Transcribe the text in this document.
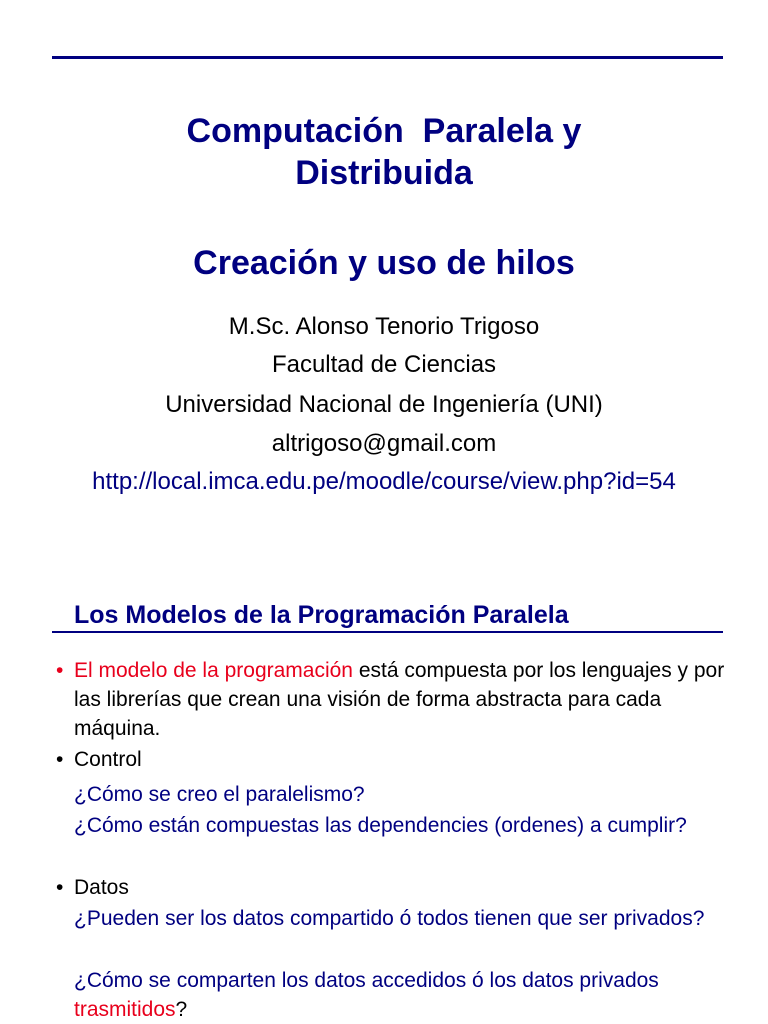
Computación  Paralela y
Distribuida
Creación y uso de hilos
M.Sc. Alonso Tenorio Trigoso
Facultad de Ciencias
Universidad Nacional de Ingeniería (UNI)
altrigoso@gmail.com
http://local.imca.edu.pe/moodle/course/view.php?id=54
Los Modelos de la Programación Paralela
• El modelo de la programación está compuesta por los lenguajes y por las librerías que crean una visión de forma abstracta para cada máquina.
• Control
¿Cómo se creo el paralelismo?
¿Cómo están compuestas las dependencies (ordenes) a cumplir?
• Datos
¿Pueden ser los datos compartido ó todos tienen que ser privados?
¿Cómo se comparten los datos accedidos ó los datos privados trasmitidos?
